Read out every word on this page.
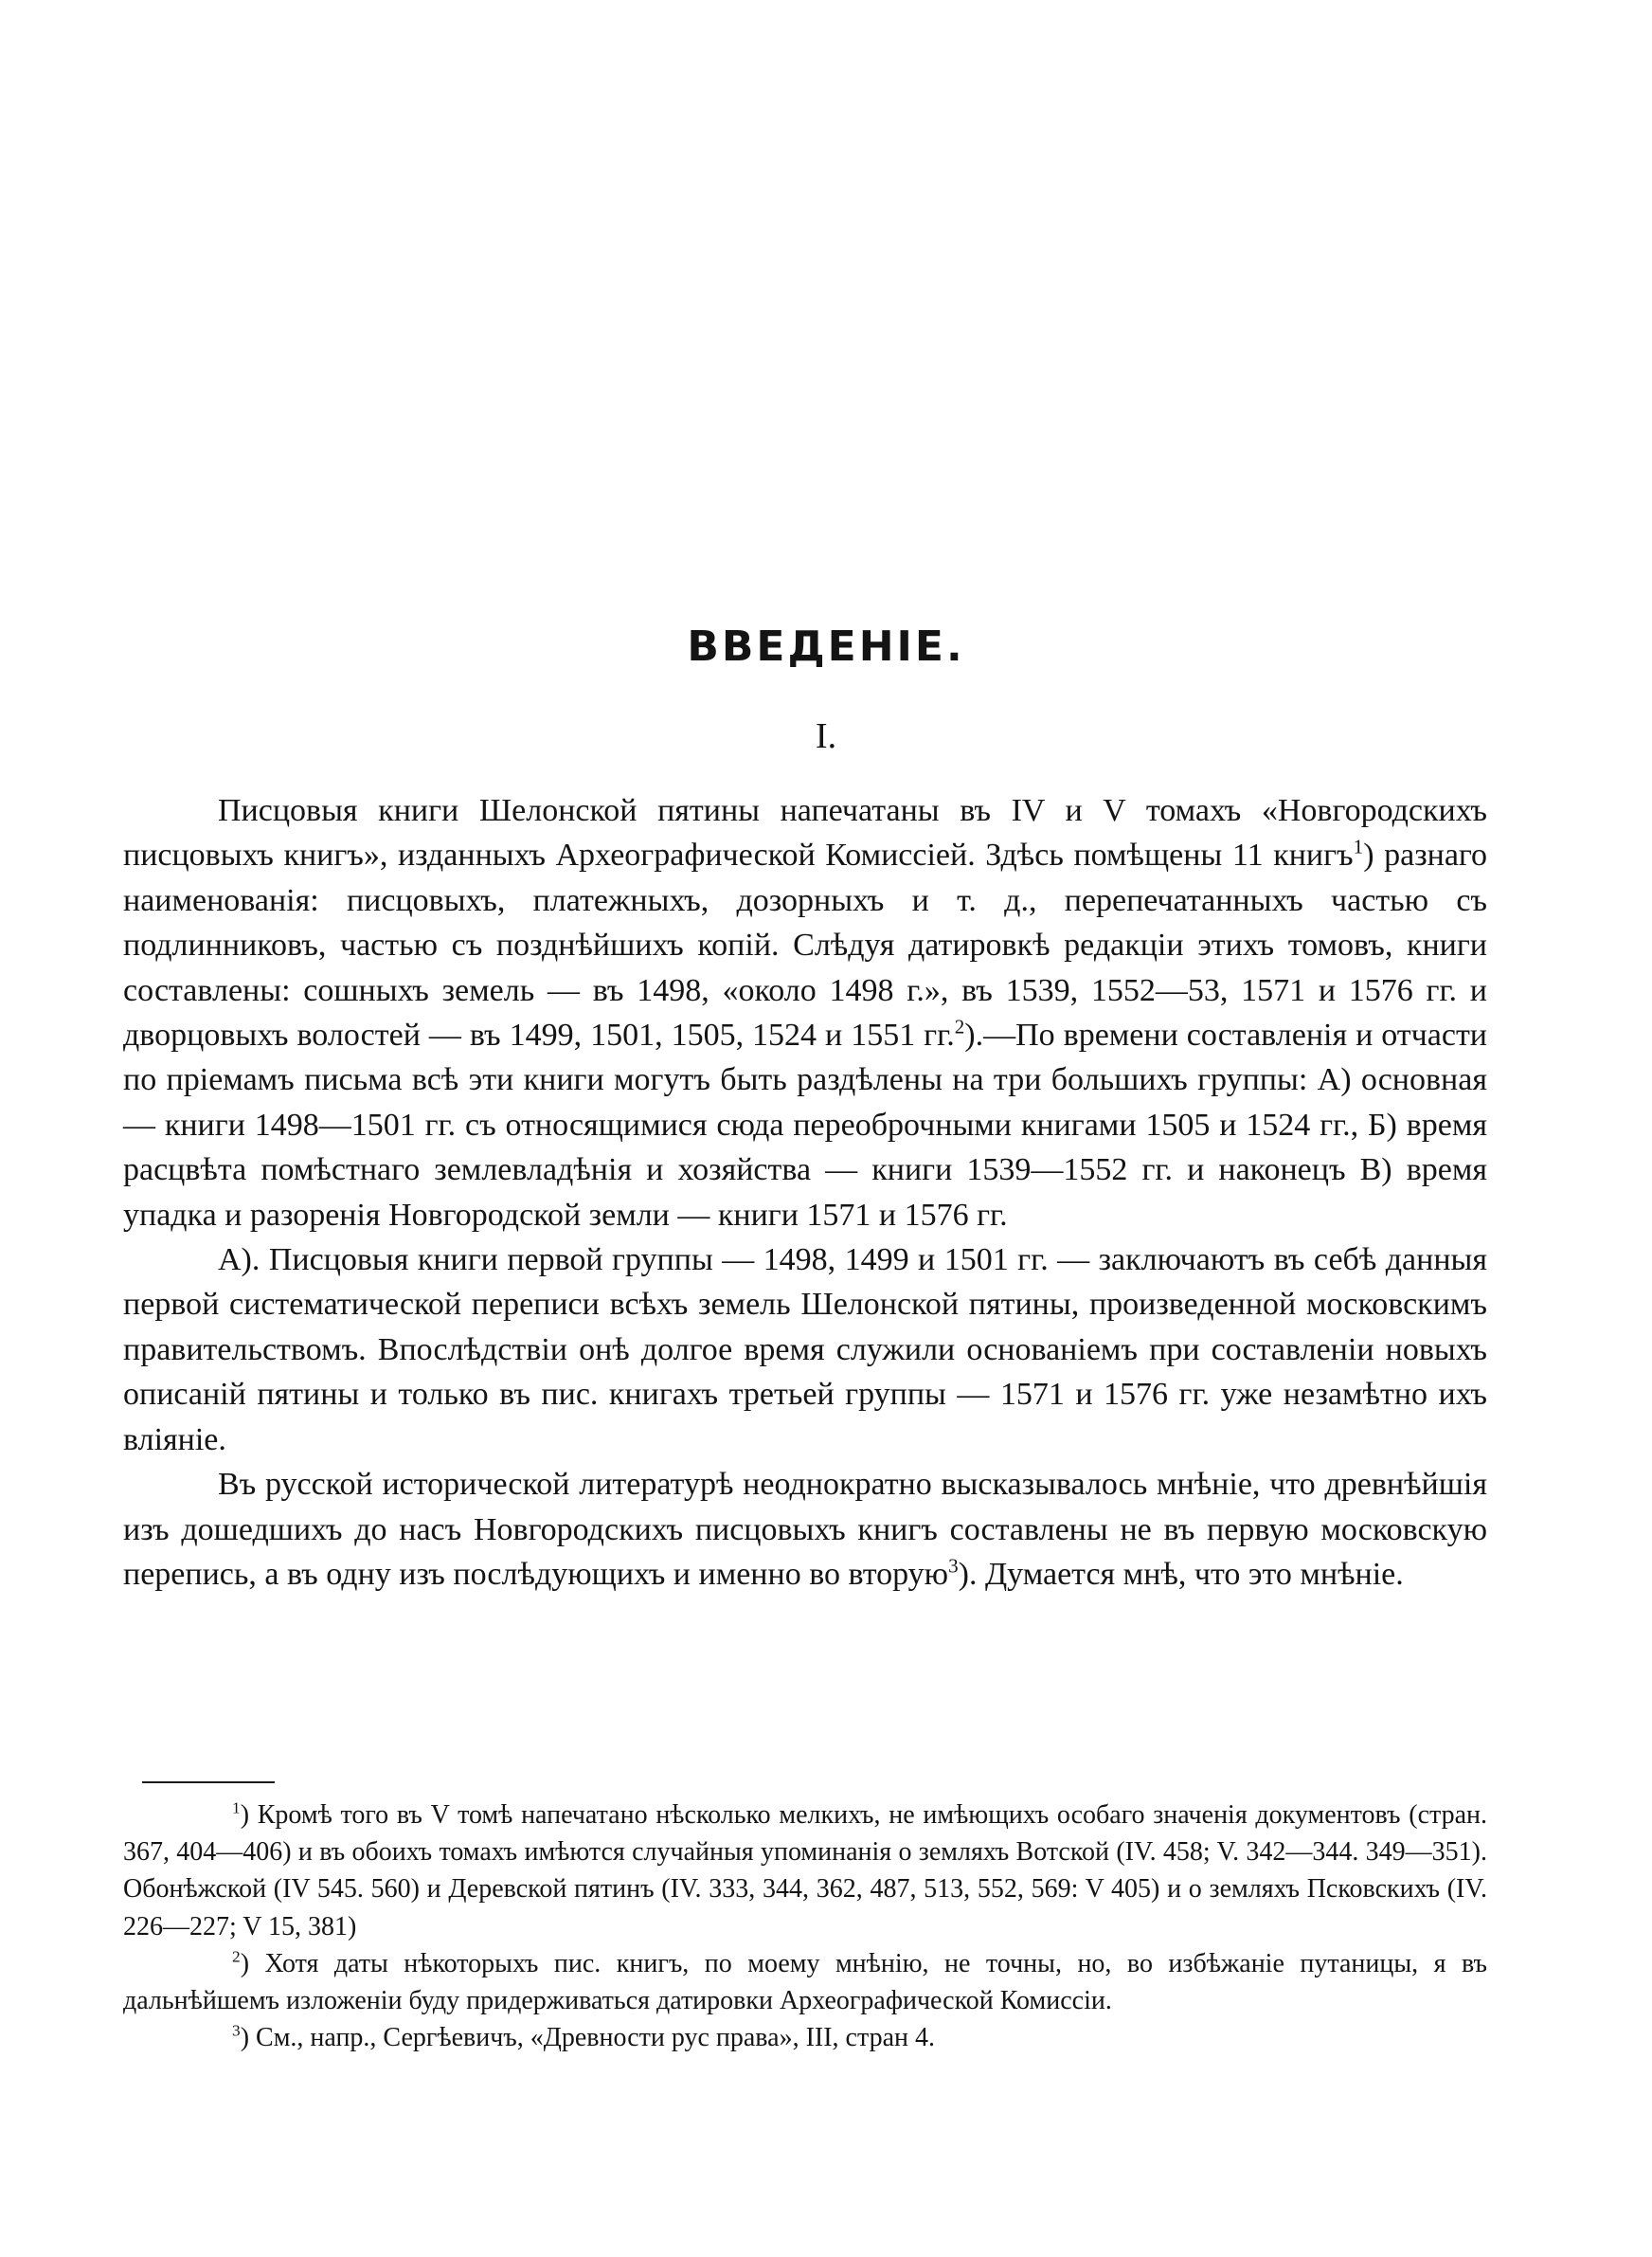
ВВЕДЕНІЕ.
I.

Писцовыя книги Шелонской пятины напечатаны въ IV и V томахъ «Новгородскихъ писцовыхъ книгъ», изданныхъ Археографической Комиссіей. Здѣсь помѣщены 11 книгъ$^1$) разнаго наименованія: писцовыхъ, платежныхъ, дозорныхъ и т. д., перепечатанныхъ частью съ подлинниковъ, частью съ позднѣйшихъ копій. Слѣдуя датировкѣ редакціи этихъ томовъ, книги составлены: сошныхъ земель — въ 1498, «около 1498 г.», въ 1539, 1552—53, 1571 и 1576 гг. и дворцовыхъ волостей — въ 1499, 1501, 1505, 1524 и 1551 гг.$^2$).—По времени составленія и отчасти по пріемамъ письма всѣ эти книги могутъ быть раздѣлены на три большихъ группы: А) основная — книги 1498—1501 гг. съ относящимися сюда переоброчными книгами 1505 и 1524 гг., Б) время расцвѣта помѣстнаго землевладѣнія и хозяйства — книги 1539—1552 гг. и наконецъ В) время упадка и разоренія Новгородской земли — книги 1571 и 1576 гг.

А). Писцовыя книги первой группы — 1498, 1499 и 1501 гг. — заключаютъ въ себѣ данныя первой систематической переписи всѣхъ земель Шелонской пятины, произведенной московскимъ правительствомъ. Впослѣдствіи онѣ долгое время служили основаніемъ при составленіи новыхъ описаній пятины и только въ пис. книгахъ третьей группы — 1571 и 1576 гг. уже незамѣтно ихъ вліяніе.

Въ русской исторической литературѣ неоднократно высказывалось мнѣніе, что древнѣйшія изъ дошедшихъ до насъ Новгородскихъ писцовыхъ книгъ составлены не въ первую московскую перепись, а въ одну изъ послѣдующихъ и именно во вторую$^3$). Думается мнѣ, что это мнѣніе.

$^1$) Кромѣ того въ V томѣ напечатано нѣсколько мелкихъ, не имѣющихъ особаго значенія документовъ (стран. 367, 404—406) и въ обоихъ томахъ имѣются случайныя упоминанія о земляхъ Вотской (IV. 458; V. 342—344. 349—351). Обонѣжской (IV 545. 560) и Деревской пятинъ (IV. 333, 344, 362, 487, 513, 552, 569: V 405) и о земляхъ Псковскихъ (IV. 226—227; V 15, 381)

$^2$) Хотя даты нѣкоторыхъ пис. книгъ, по моему мнѣнію, не точны, но, во избѣжаніе путаницы, я въ дальнѣйшемъ изложеніи буду придерживаться датировки Археографической Комиссіи.

$^3$) См., напр., Сергѣевичъ, «Древности рус права», III, стран 4.
